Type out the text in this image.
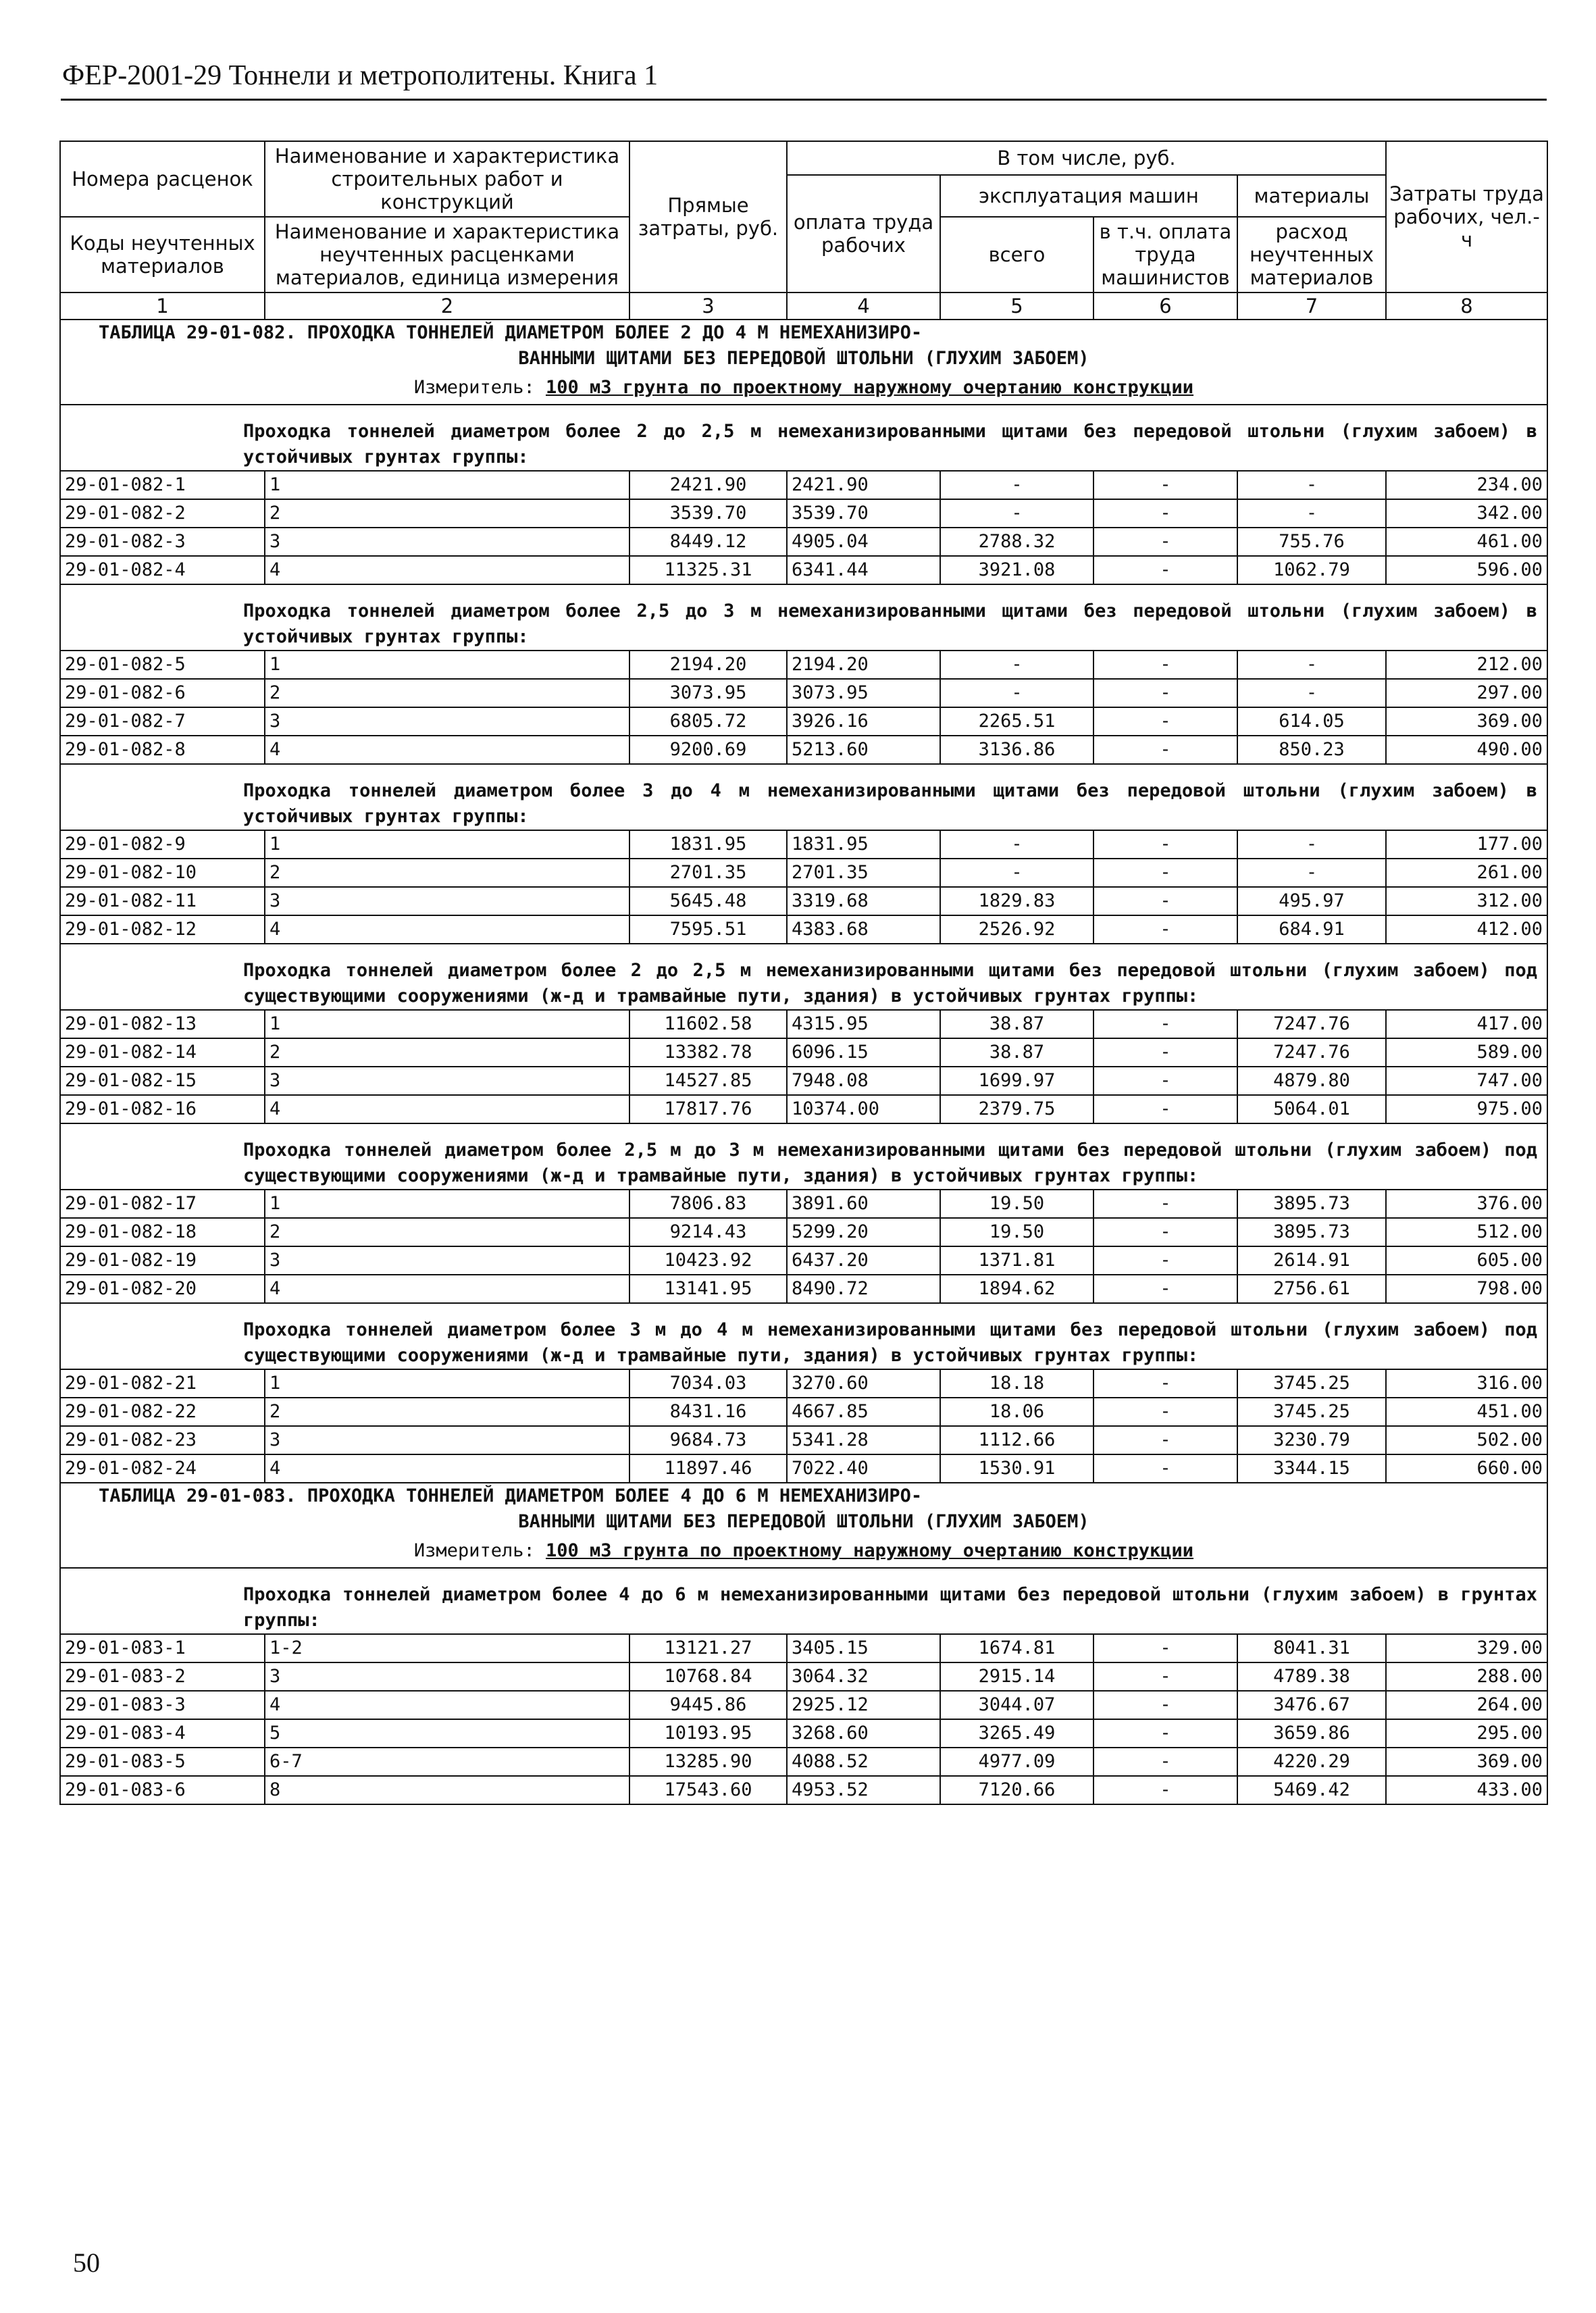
ФЕР-2001-29 Тоннели и метрополитены. Книга 1
Номера расценок	Наименование и характеристика строительных работ и конструкций	Прямые затраты, руб.	В том числе, руб.				Затраты труда рабочих, чел.-ч
			оплата труда рабочих	эксплуатация машин		материалы	
Коды неучтенных материалов	Наименование и характеристика неучтенных расценками материалов, единица измерения			всего	в т.ч. оплата труда машинистов	расход неучтенных материалов	

1	2	3	4	5	6	7	8

ТАБЛИЦА 29-01-082. ПРОХОДКА ТОННЕЛЕЙ ДИАМЕТРОМ БОЛЕЕ 2 ДО 4 М НЕМЕХАНИЗИРО-
ВАННЫМИ ЩИТАМИ БЕЗ ПЕРЕДОВОЙ ШТОЛЬНИ (ГЛУХИМ ЗАБОЕМ)							

Измеритель: 100 м3 грунта по проектному наружному очертанию конструкции							
Проходка тоннелей диаметром более 2 до 2,5 м немеханизированными щитами без передовой штольни (глухим забоем) в устойчивых грунтах группы:							
29-01-082-1	1	2421.90	2421.90	-	-	-	234.00
29-01-082-2	2	3539.70	3539.70	-	-	-	342.00
29-01-082-3	3	8449.12	4905.04	2788.32	-	755.76	461.00
29-01-082-4	4	11325.31	6341.44	3921.08	-	1062.79	596.00
Проходка тоннелей диаметром более 2,5 до 3 м немеханизированными щитами без передовой штольни (глухим забоем) в устойчивых грунтах группы:							
29-01-082-5	1	2194.20	2194.20	-	-	-	212.00
29-01-082-6	2	3073.95	3073.95	-	-	-	297.00
29-01-082-7	3	6805.72	3926.16	2265.51	-	614.05	369.00
29-01-082-8	4	9200.69	5213.60	3136.86	-	850.23	490.00
Проходка тоннелей диаметром более 3 до 4 м немеханизированными щитами без передовой штольни (глухим забоем) в устойчивых грунтах группы:							
29-01-082-9	1	1831.95	1831.95	-	-	-	177.00
29-01-082-10	2	2701.35	2701.35	-	-	-	261.00
29-01-082-11	3	5645.48	3319.68	1829.83	-	495.97	312.00
29-01-082-12	4	7595.51	4383.68	2526.92	-	684.91	412.00
Проходка тоннелей диаметром более 2 до 2,5 м немеханизированными щитами без передовой штольни (глухим забоем) под существующими сооружениями (ж-д и трамвайные пути, здания) в устойчивых грунтах группы:							
29-01-082-13	1	11602.58	4315.95	38.87	-	7247.76	417.00
29-01-082-14	2	13382.78	6096.15	38.87	-	7247.76	589.00
29-01-082-15	3	14527.85	7948.08	1699.97	-	4879.80	747.00
29-01-082-16	4	17817.76	10374.00	2379.75	-	5064.01	975.00
Проходка тоннелей диаметром более 2,5 м до 3 м немеханизированными щитами без передовой штольни (глухим забоем) под существующими сооружениями (ж-д и трамвайные пути, здания) в устойчивых грунтах группы:							
29-01-082-17	1	7806.83	3891.60	19.50	-	3895.73	376.00
29-01-082-18	2	9214.43	5299.20	19.50	-	3895.73	512.00
29-01-082-19	3	10423.92	6437.20	1371.81	-	2614.91	605.00
29-01-082-20	4	13141.95	8490.72	1894.62	-	2756.61	798.00
Проходка тоннелей диаметром более 3 м до 4 м немеханизированными щитами без передовой штольни (глухим забоем) под существующими сооружениями (ж-д и трамвайные пути, здания) в устойчивых грунтах группы:							
29-01-082-21	1	7034.03	3270.60	18.18	-	3745.25	316.00
29-01-082-22	2	8431.16	4667.85	18.06	-	3745.25	451.00
29-01-082-23	3	9684.73	5341.28	1112.66	-	3230.79	502.00
29-01-082-24	4	11897.46	7022.40	1530.91	-	3344.15	660.00

ТАБЛИЦА 29-01-083. ПРОХОДКА ТОННЕЛЕЙ ДИАМЕТРОМ БОЛЕЕ 4 ДО 6 М НЕМЕХАНИЗИРО-
ВАННЫМИ ЩИТАМИ БЕЗ ПЕРЕДОВОЙ ШТОЛЬНИ (ГЛУХИМ ЗАБОЕМ)							

Измеритель: 100 м3 грунта по проектному наружному очертанию конструкции							
Проходка тоннелей диаметром более 4 до 6 м немеханизированными щитами без передовой штольни (глухим забоем) в грунтах группы:							
29-01-083-1	1-2	13121.27	3405.15	1674.81	-	8041.31	329.00
29-01-083-2	3	10768.84	3064.32	2915.14	-	4789.38	288.00
29-01-083-3	4	9445.86	2925.12	3044.07	-	3476.67	264.00
29-01-083-4	5	10193.95	3268.60	3265.49	-	3659.86	295.00
29-01-083-5	6-7	13285.90	4088.52	4977.09	-	4220.29	369.00
29-01-083-6	8	17543.60	4953.52	7120.66	-	5469.42	433.00
50
